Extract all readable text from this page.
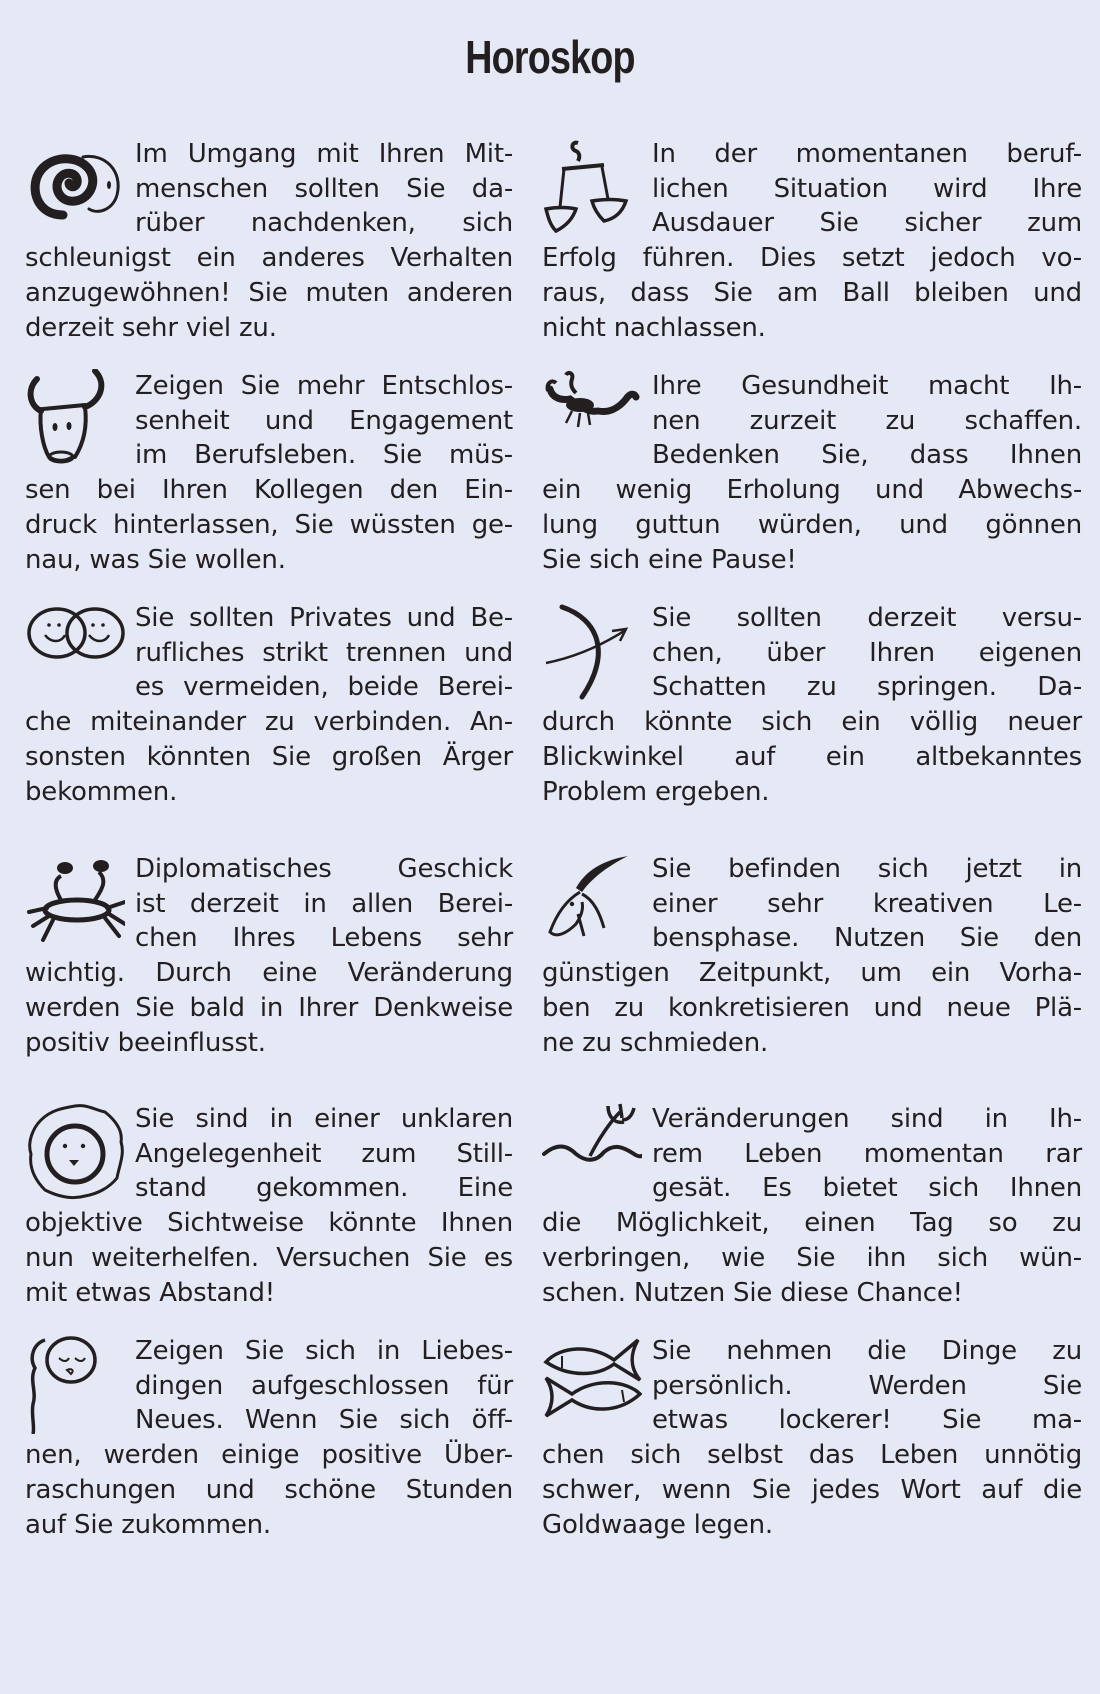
Horoskop
Im Umgang mit Ihren Mit-
menschen sollten Sie da-
rüber nachdenken, sich
schleunigst ein anderes Verhalten
anzugewöhnen! Sie muten anderen
derzeit sehr viel zu.
Zeigen Sie mehr Entschlos-
senheit und Engagement
im Berufsleben. Sie müs-
sen bei Ihren Kollegen den Ein-
druck hinterlassen, Sie wüssten ge-
nau, was Sie wollen.
Sie sollten Privates und Be-
rufliches strikt trennen und
es vermeiden, beide Berei-
che miteinander zu verbinden. An-
sonsten könnten Sie großen Ärger
bekommen.
Diplomatisches Geschick
ist derzeit in allen Berei-
chen Ihres Lebens sehr
wichtig. Durch eine Veränderung
werden Sie bald in Ihrer Denkweise
positiv beeinflusst.
Sie sind in einer unklaren
Angelegenheit zum Still-
stand gekommen. Eine
objektive Sichtweise könnte Ihnen
nun weiterhelfen. Versuchen Sie es
mit etwas Abstand!
Zeigen Sie sich in Liebes-
dingen aufgeschlossen für
Neues. Wenn Sie sich öff-
nen, werden einige positive Über-
raschungen und schöne Stunden
auf Sie zukommen.
In der momentanen beruf-
lichen Situation wird Ihre
Ausdauer Sie sicher zum
Erfolg führen. Dies setzt jedoch vo-
raus, dass Sie am Ball bleiben und
nicht nachlassen.
Ihre Gesundheit macht Ih-
nen zurzeit zu schaffen.
Bedenken Sie, dass Ihnen
ein wenig Erholung und Abwechs-
lung guttun würden, und gönnen
Sie sich eine Pause!
Sie sollten derzeit versu-
chen, über Ihren eigenen
Schatten zu springen. Da-
durch könnte sich ein völlig neuer
Blickwinkel auf ein altbekanntes
Problem ergeben.
Sie befinden sich jetzt in
einer sehr kreativen Le-
bensphase. Nutzen Sie den
günstigen Zeitpunkt, um ein Vorha-
ben zu konkretisieren und neue Plä-
ne zu schmieden.
Veränderungen sind in Ih-
rem Leben momentan rar
gesät. Es bietet sich Ihnen
die Möglichkeit, einen Tag so zu
verbringen, wie Sie ihn sich wün-
schen. Nutzen Sie diese Chance!
Sie nehmen die Dinge zu
persönlich. Werden Sie
etwas lockerer! Sie ma-
chen sich selbst das Leben unnötig
schwer, wenn Sie jedes Wort auf die
Goldwaage legen.
